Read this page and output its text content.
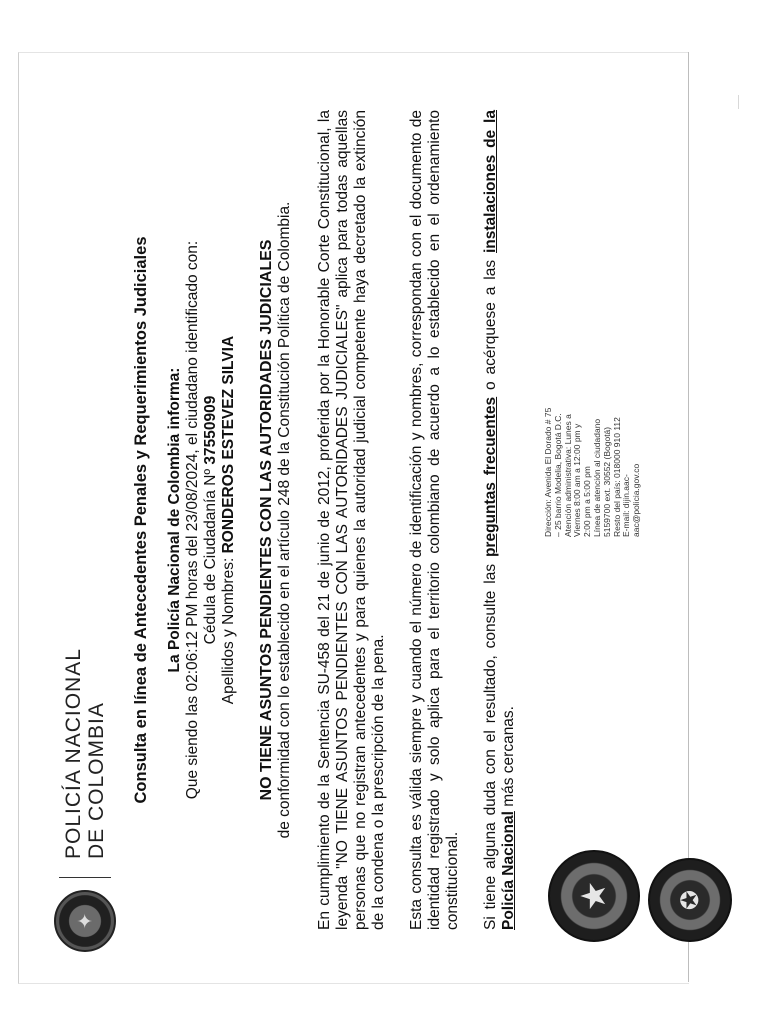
✦
POLICÍA NACIONAL DE COLOMBIA Consulta en línea de Antecedentes Penales y Requerimientos Judiciales La Policía Nacional de Colombia informa:
Que siendo las 02:06:12 PM horas del 23/08/2024, el ciudadano identificado con:
Cédula de Ciudadanía Nº 37550909
Apellidos y Nombres: RONDEROS ESTEVEZ SILVIA NO TIENE ASUNTOS PENDIENTES CON LAS AUTORIDADES JUDICIALES de conformidad con lo establecido en el artículo 248 de la Constitución Política de Colombia. En cumplimiento de la Sentencia SU-458 del 21 de junio de 2012, proferida por la Honorable Corte Constitucional, la leyenda "NO TIENE ASUNTOS PENDIENTES CON LAS AUTORIDADES JUDICIALES" aplica para todas aquellas personas que no registran antecedentes y para quienes la autoridad judicial competente haya decretado la extinción de la condena o la prescripción de la pena. Esta consulta es válida siempre y cuando el número de identificación y nombres, correspondan con el documento de identidad registrado y solo aplica para el territorio colombiano de acuerdo a lo establecido en el ordenamiento constitucional. Si tiene alguna duda con el resultado, consulte las preguntas frecuentes o acérquese a las instalaciones de la Policía Nacional más cercanas.
★	✪
Dirección: Avenida El Dorado # 75 – 25 barrio Modelia, Bogotá D.C. Atención administrativa: Lunes a Viernes 8:00 am a 12:00 pm y 2:00 pm a 5:00 pm Línea de atención al ciudadano 5159700 ext. 30552 (Bogotá) Resto del país: 018000 910 112 E-mail: dijin.aac- aac@policia.gov.co
